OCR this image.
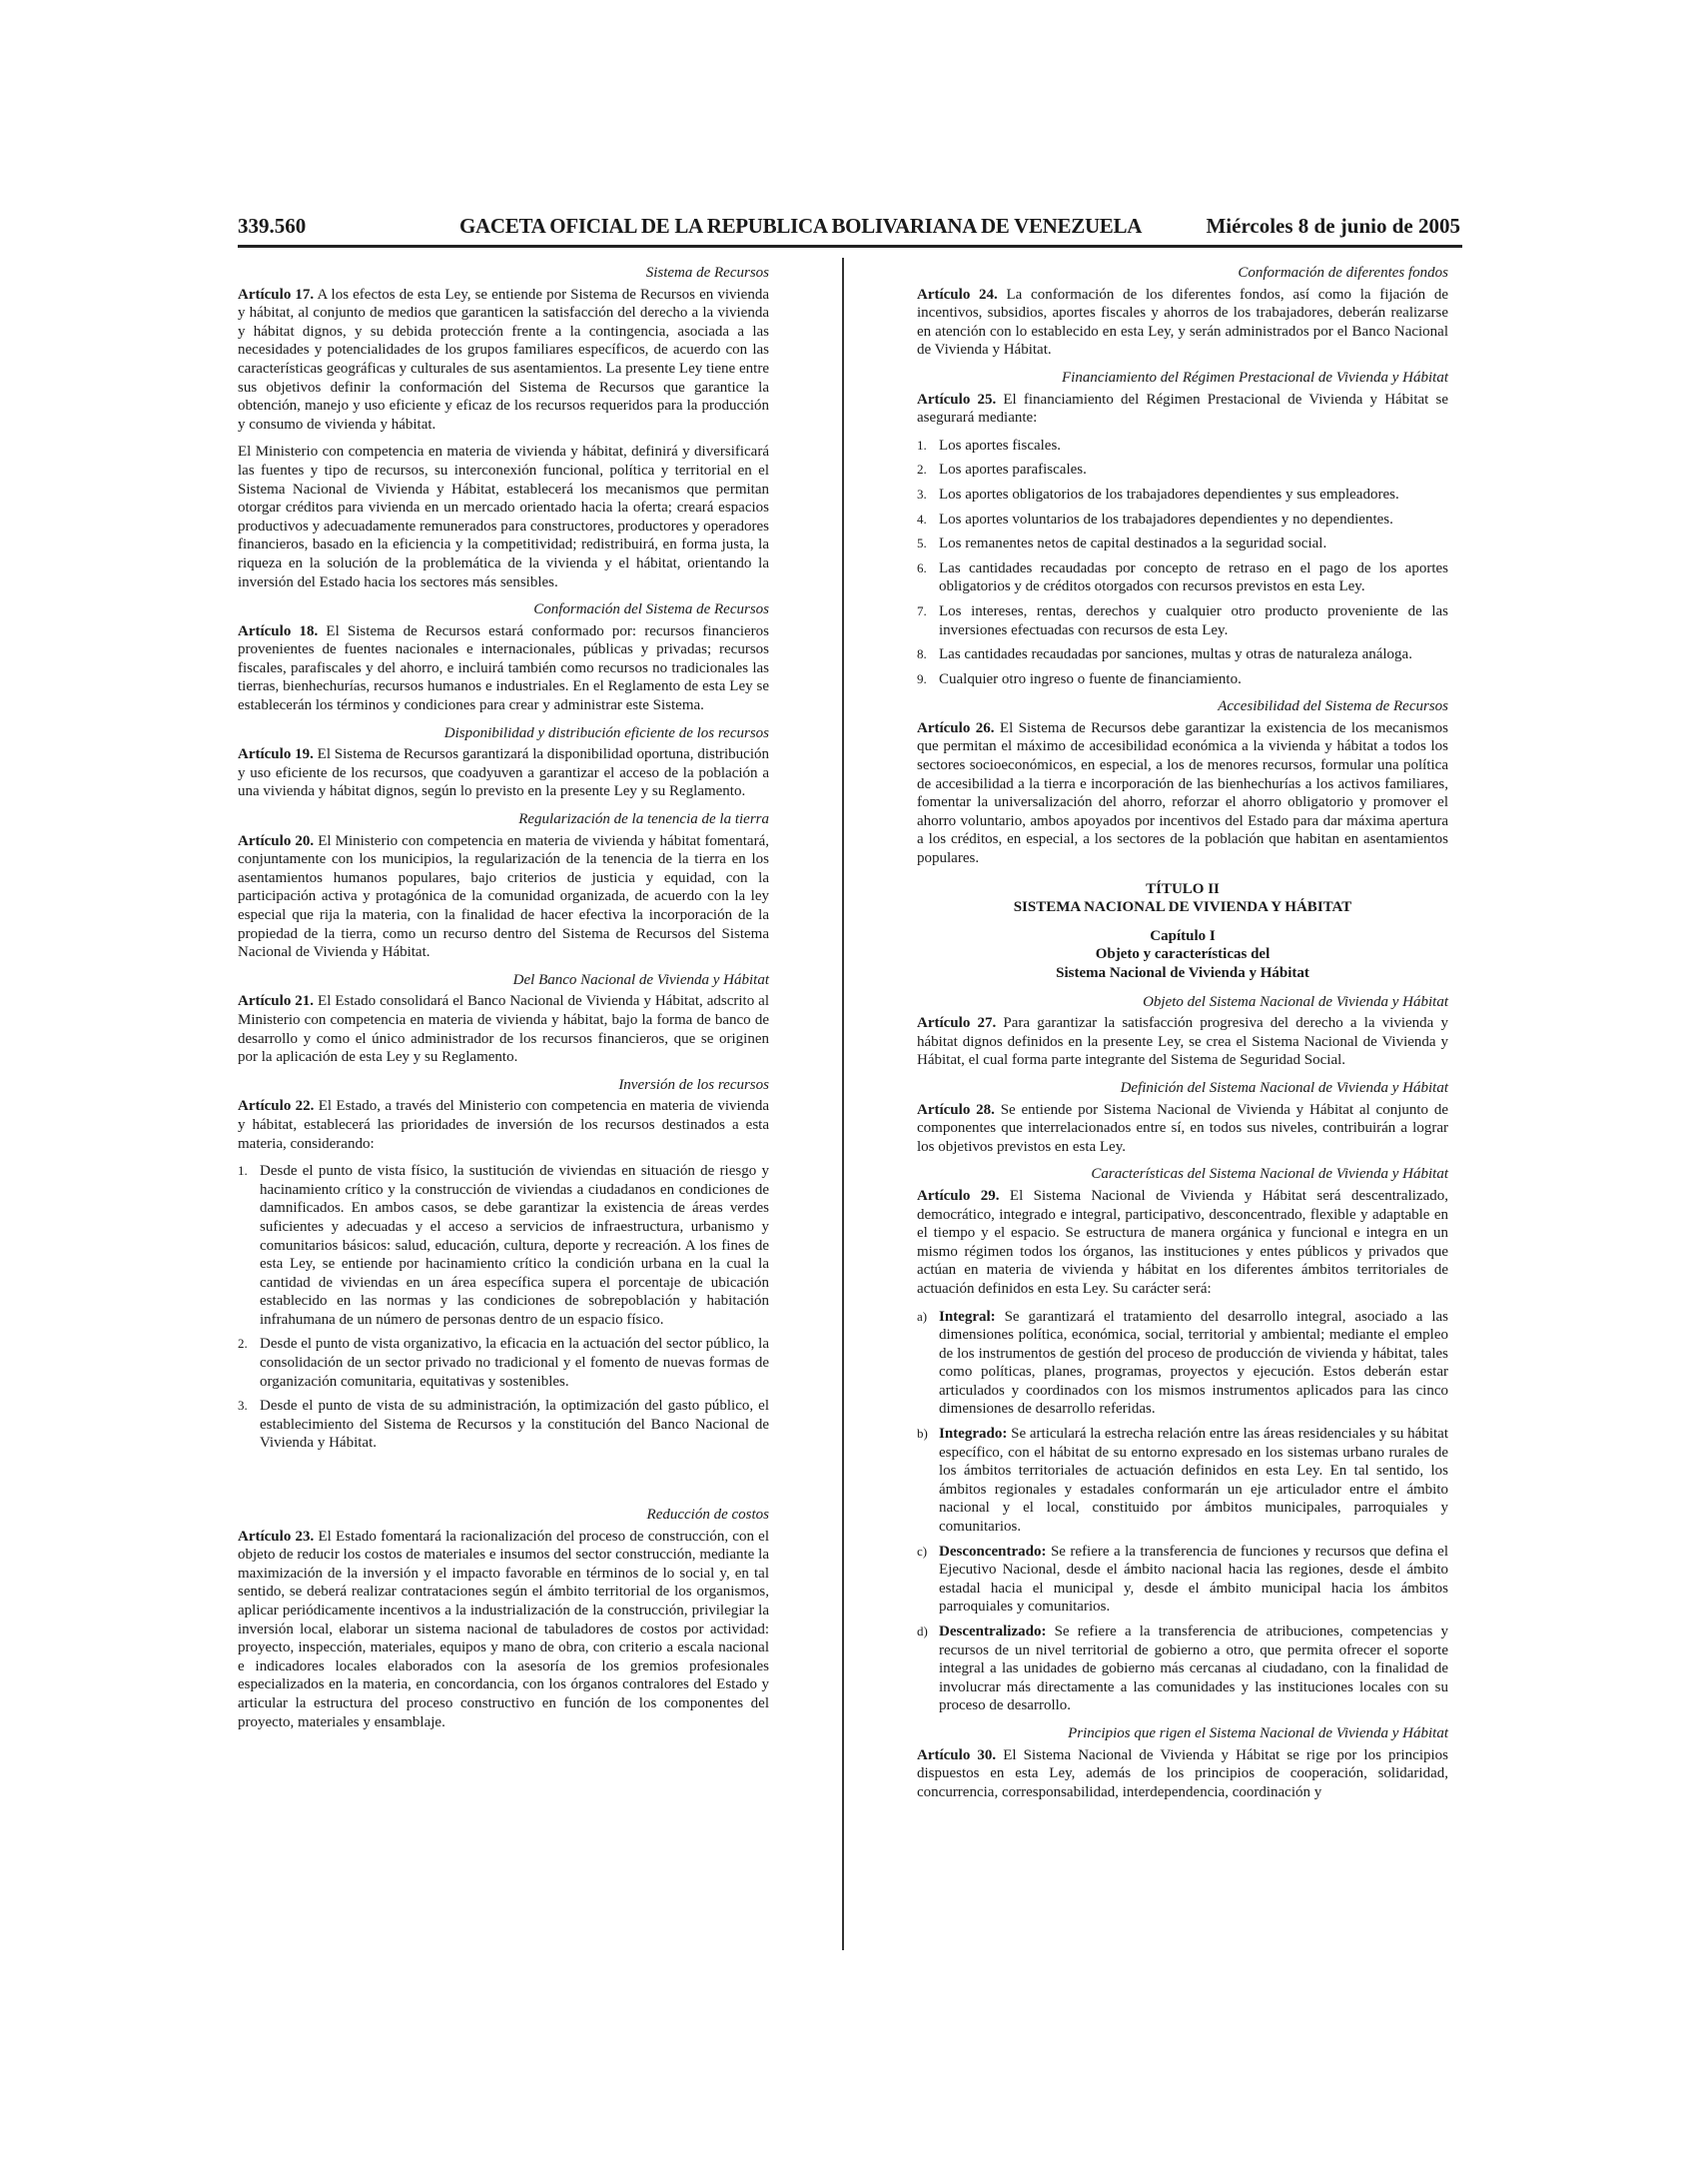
339.560	GACETA OFICIAL DE LA REPUBLICA BOLIVARIANA DE VENEZUELA	Miércoles 8 de junio de 2005
Sistema de Recursos
Artículo 17. A los efectos de esta Ley, se entiende por Sistema de Recursos en vivienda y hábitat, al conjunto de medios que garanticen la satisfacción del derecho a la vivienda y hábitat dignos, y su debida protección frente a la contingencia, asociada a las necesidades y potencialidades de los grupos familiares específicos, de acuerdo con las características geográficas y culturales de sus asentamientos. La presente Ley tiene entre sus objetivos definir la conformación del Sistema de Recursos que garantice la obtención, manejo y uso eficiente y eficaz de los recursos requeridos para la producción y consumo de vivienda y hábitat.
El Ministerio con competencia en materia de vivienda y hábitat, definirá y diversificará las fuentes y tipo de recursos, su interconexión funcional, política y territorial en el Sistema Nacional de Vivienda y Hábitat, establecerá los mecanismos que permitan otorgar créditos para vivienda en un mercado orientado hacia la oferta; creará espacios productivos y adecuadamente remunerados para constructores, productores y operadores financieros, basado en la eficiencia y la competitividad; redistribuirá, en forma justa, la riqueza en la solución de la problemática de la vivienda y el hábitat, orientando la inversión del Estado hacia los sectores más sensibles.
Conformación del Sistema de Recursos
Artículo 18. El Sistema de Recursos estará conformado por: recursos financieros provenientes de fuentes nacionales e internacionales, públicas y privadas; recursos fiscales, parafiscales y del ahorro, e incluirá también como recursos no tradicionales las tierras, bienhechurías, recursos humanos e industriales. En el Reglamento de esta Ley se establecerán los términos y condiciones para crear y administrar este Sistema.
Disponibilidad y distribución eficiente de los recursos
Artículo 19. El Sistema de Recursos garantizará la disponibilidad oportuna, distribución y uso eficiente de los recursos, que coadyuven a garantizar el acceso de la población a una vivienda y hábitat dignos, según lo previsto en la presente Ley y su Reglamento.
Regularización de la tenencia de la tierra
Artículo 20. El Ministerio con competencia en materia de vivienda y hábitat fomentará, conjuntamente con los municipios, la regularización de la tenencia de la tierra en los asentamientos humanos populares, bajo criterios de justicia y equidad, con la participación activa y protagónica de la comunidad organizada, de acuerdo con la ley especial que rija la materia, con la finalidad de hacer efectiva la incorporación de la propiedad de la tierra, como un recurso dentro del Sistema de Recursos del Sistema Nacional de Vivienda y Hábitat.
Del Banco Nacional de Vivienda y Hábitat
Artículo 21. El Estado consolidará el Banco Nacional de Vivienda y Hábitat, adscrito al Ministerio con competencia en materia de vivienda y hábitat, bajo la forma de banco de desarrollo y como el único administrador de los recursos financieros, que se originen por la aplicación de esta Ley y su Reglamento.
Inversión de los recursos
Artículo 22. El Estado, a través del Ministerio con competencia en materia de vivienda y hábitat, establecerá las prioridades de inversión de los recursos destinados a esta materia, considerando:
1. Desde el punto de vista físico, la sustitución de viviendas en situación de riesgo y hacinamiento crítico y la construcción de viviendas a ciudadanos en condiciones de damnificados. En ambos casos, se debe garantizar la existencia de áreas verdes suficientes y adecuadas y el acceso a servicios de infraestructura, urbanismo y comunitarios básicos: salud, educación, cultura, deporte y recreación. A los fines de esta Ley, se entiende por hacinamiento crítico la condición urbana en la cual la cantidad de viviendas en un área específica supera el porcentaje de ubicación establecido en las normas y las condiciones de sobrepoblación y habitación infrahumana de un número de personas dentro de un espacio físico.
2. Desde el punto de vista organizativo, la eficacia en la actuación del sector público, la consolidación de un sector privado no tradicional y el fomento de nuevas formas de organización comunitaria, equitativas y sostenibles.
3. Desde el punto de vista de su administración, la optimización del gasto público, el establecimiento del Sistema de Recursos y la constitución del Banco Nacional de Vivienda y Hábitat.
Reducción de costos
Artículo 23. El Estado fomentará la racionalización del proceso de construcción, con el objeto de reducir los costos de materiales e insumos del sector construcción, mediante la maximización de la inversión y el impacto favorable en términos de lo social y, en tal sentido, se deberá realizar contrataciones según el ámbito territorial de los organismos, aplicar periódicamente incentivos a la industrialización de la construcción, privilegiar la inversión local, elaborar un sistema nacional de tabuladores de costos por actividad: proyecto, inspección, materiales, equipos y mano de obra, con criterio a escala nacional e indicadores locales elaborados con la asesoría de los gremios profesionales especializados en la materia, en concordancia, con los órganos contralores del Estado y articular la estructura del proceso constructivo en función de los componentes del proyecto, materiales y ensamblaje.
Conformación de diferentes fondos
Artículo 24. La conformación de los diferentes fondos, así como la fijación de incentivos, subsidios, aportes fiscales y ahorros de los trabajadores, deberán realizarse en atención con lo establecido en esta Ley, y serán administrados por el Banco Nacional de Vivienda y Hábitat.
Financiamiento del Régimen Prestacional de Vivienda y Hábitat
Artículo 25. El financiamiento del Régimen Prestacional de Vivienda y Hábitat se asegurará mediante:
1. Los aportes fiscales.
2. Los aportes parafiscales.
3. Los aportes obligatorios de los trabajadores dependientes y sus empleadores.
4. Los aportes voluntarios de los trabajadores dependientes y no dependientes.
5. Los remanentes netos de capital destinados a la seguridad social.
6. Las cantidades recaudadas por concepto de retraso en el pago de los aportes obligatorios y de créditos otorgados con recursos previstos en esta Ley.
7. Los intereses, rentas, derechos y cualquier otro producto proveniente de las inversiones efectuadas con recursos de esta Ley.
8. Las cantidades recaudadas por sanciones, multas y otras de naturaleza análoga.
9. Cualquier otro ingreso o fuente de financiamiento.
Accesibilidad del Sistema de Recursos
Artículo 26. El Sistema de Recursos debe garantizar la existencia de los mecanismos que permitan el máximo de accesibilidad económica a la vivienda y hábitat a todos los sectores socioeconómicos, en especial, a los de menores recursos, formular una política de accesibilidad a la tierra e incorporación de las bienhechurías a los activos familiares, fomentar la universalización del ahorro, reforzar el ahorro obligatorio y promover el ahorro voluntario, ambos apoyados por incentivos del Estado para dar máxima apertura a los créditos, en especial, a los sectores de la población que habitan en asentamientos populares.
TÍTULO II
SISTEMA NACIONAL DE VIVIENDA Y HÁBITAT
Capítulo I
Objeto y características del
Sistema Nacional de Vivienda y Hábitat
Objeto del Sistema Nacional de Vivienda y Hábitat
Artículo 27. Para garantizar la satisfacción progresiva del derecho a la vivienda y hábitat dignos definidos en la presente Ley, se crea el Sistema Nacional de Vivienda y Hábitat, el cual forma parte integrante del Sistema de Seguridad Social.
Definición del Sistema Nacional de Vivienda y Hábitat
Artículo 28. Se entiende por Sistema Nacional de Vivienda y Hábitat al conjunto de componentes que interrelacionados entre sí, en todos sus niveles, contribuirán a lograr los objetivos previstos en esta Ley.
Características del Sistema Nacional de Vivienda y Hábitat
Artículo 29. El Sistema Nacional de Vivienda y Hábitat será descentralizado, democrático, integrado e integral, participativo, desconcentrado, flexible y adaptable en el tiempo y el espacio. Se estructura de manera orgánica y funcional e integra en un mismo régimen todos los órganos, las instituciones y entes públicos y privados que actúan en materia de vivienda y hábitat en los diferentes ámbitos territoriales de actuación definidos en esta Ley. Su carácter será:
a) Integral: Se garantizará el tratamiento del desarrollo integral, asociado a las dimensiones política, económica, social, territorial y ambiental; mediante el empleo de los instrumentos de gestión del proceso de producción de vivienda y hábitat, tales como políticas, planes, programas, proyectos y ejecución. Estos deberán estar articulados y coordinados con los mismos instrumentos aplicados para las cinco dimensiones de desarrollo referidas.
b) Integrado: Se articulará la estrecha relación entre las áreas residenciales y su hábitat específico, con el hábitat de su entorno expresado en los sistemas urbano rurales de los ámbitos territoriales de actuación definidos en esta Ley. En tal sentido, los ámbitos regionales y estadales conformarán un eje articulador entre el ámbito nacional y el local, constituido por ámbitos municipales, parroquiales y comunitarios.
c) Desconcentrado: Se refiere a la transferencia de funciones y recursos que defina el Ejecutivo Nacional, desde el ámbito nacional hacia las regiones, desde el ámbito estadal hacia el municipal y, desde el ámbito municipal hacia los ámbitos parroquiales y comunitarios.
d) Descentralizado: Se refiere a la transferencia de atribuciones, competencias y recursos de un nivel territorial de gobierno a otro, que permita ofrecer el soporte integral a las unidades de gobierno más cercanas al ciudadano, con la finalidad de involucrar más directamente a las comunidades y las instituciones locales con su proceso de desarrollo.
Principios que rigen el Sistema Nacional de Vivienda y Hábitat
Artículo 30. El Sistema Nacional de Vivienda y Hábitat se rige por los principios dispuestos en esta Ley, además de los principios de cooperación, solidaridad, concurrencia, corresponsabilidad, interdependencia, coordinación y
